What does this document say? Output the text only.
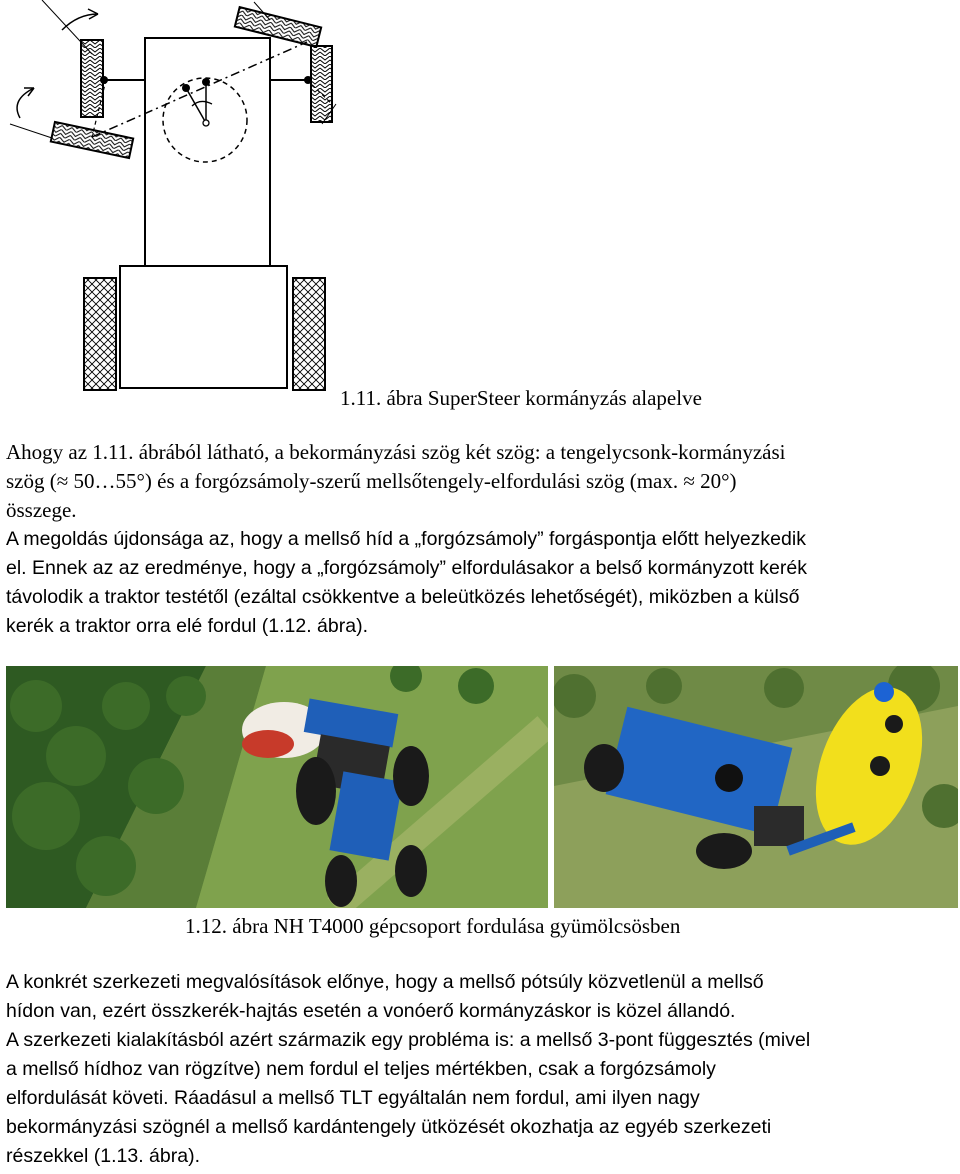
1.11. ábra SuperSteer kormányzás alapelve
Ahogy az 1.11. ábrából látható, a bekormányzási szög két szög: a tengelycsonk-kormányzási
szög (≈ 50…55°) és a forgózsámoly-szerű mellsőtengely-elfordulási szög (max. ≈ 20°)
összege.
A megoldás újdonsága az, hogy a mellső híd a „forgózsámoly” forgáspontja előtt helyezkedik
el. Ennek az az eredménye, hogy a „forgózsámoly” elfordulásakor a belső kormányzott kerék
távolodik a traktor testétől (ezáltal csökkentve a beleütközés lehetőségét), miközben a külső
kerék a traktor orra elé fordul (1.12. ábra).
1.12. ábra NH T4000 gépcsoport fordulása gyümölcsösben
A konkrét szerkezeti megvalósítások előnye, hogy a mellső pótsúly közvetlenül a mellső
hídon van, ezért összkerék-hajtás esetén a vonóerő kormányzáskor is közel állandó.
A szerkezeti kialakításból azért származik egy probléma is: a mellső 3-pont függesztés (mivel
a mellső hídhoz van rögzítve) nem fordul el teljes mértékben, csak a forgózsámoly
elfordulását követi. Ráadásul a mellső TLT egyáltalán nem fordul, ami ilyen nagy
bekormányzási szögnél a mellső kardántengely ütközését okozhatja az egyéb szerkezeti
részekkel (1.13. ábra).
